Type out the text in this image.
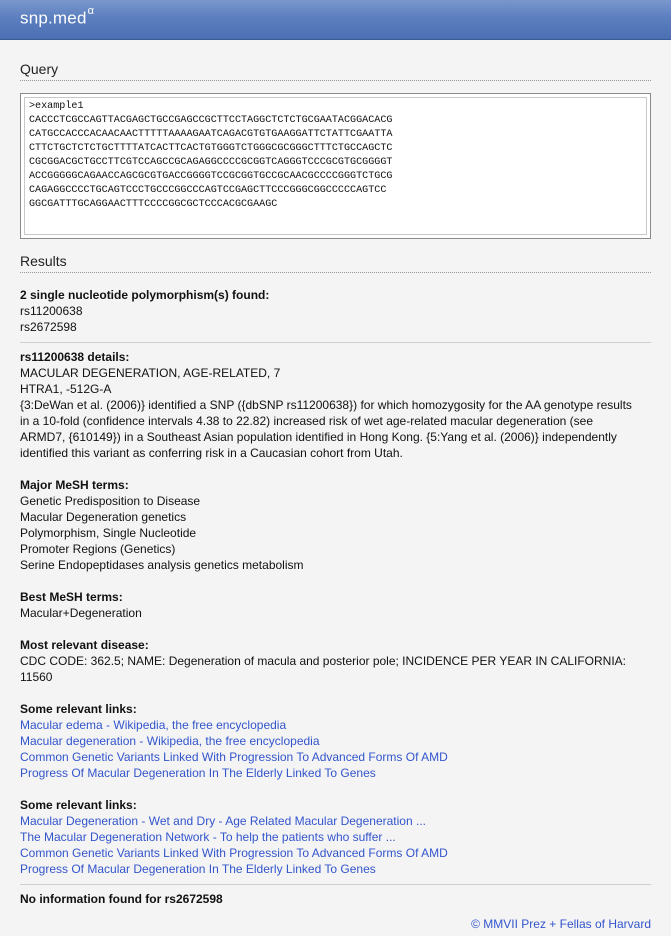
snp.med$^\alpha$
Query
>example1
CACCCTCGCCAGTTACGAGCTGCCGAGCCGCTTCCTAGGCTCTCTGCGAATACGGACACG
CATGCCACCCACAACAACTTTTTAAAAGAATCAGACGTGTGAAGGATTCTATTCGAATTA
CTTCTGCTCTCTGCTTTTATCACTTCACTGTGGGTCTGGGCGCGGGCTTTCTGCCAGCTC
CGCGGACGCTGCCTTCGTCCAGCCGCAGAGGCCCCGCGGTCAGGGTCCCGCGTGCGGGGT
ACCGGGGGCAGAACCAGCGCGTGACCGGGGTCCGCGGTGCCGCAACGCCCCGGGTCTGCG
CAGAGGCCCCTGCAGTCCCTGCCCGGCCCAGTCCGAGCTTCCCGGGCGGCCCCCAGTCC
GGCGATTTGCAGGAACTTTCCCCGGCGCTCCCACGCGAAGC
Results
2 single nucleotide polymorphism(s) found:
rs11200638
rs2672598
rs11200638 details:
MACULAR DEGENERATION, AGE-RELATED, 7
HTRA1, -512G-A
{3:DeWan et al. (2006)} identified a SNP ({dbSNP rs11200638}) for which homozygosity for the AA genotype results
in a 10-fold (confidence intervals 4.38 to 22.82) increased risk of wet age-related macular degeneration (see
ARMD7, {610149}) in a Southeast Asian population identified in Hong Kong. {5:Yang et al. (2006)} independently
identified this variant as conferring risk in a Caucasian cohort from Utah.
Major MeSH terms:
Genetic Predisposition to Disease
Macular Degeneration genetics
Polymorphism, Single Nucleotide
Promoter Regions (Genetics)
Serine Endopeptidases analysis genetics metabolism
Best MeSH terms:
Macular+Degeneration
Most relevant disease:
CDC CODE: 362.5; NAME: Degeneration of macula and posterior pole; INCIDENCE PER YEAR IN CALIFORNIA:
11560
Some relevant links:
Macular edema - Wikipedia, the free encyclopedia
Macular degeneration - Wikipedia, the free encyclopedia
Common Genetic Variants Linked With Progression To Advanced Forms Of AMD
Progress Of Macular Degeneration In The Elderly Linked To Genes
Some relevant links:
Macular Degeneration - Wet and Dry - Age Related Macular Degeneration ...
The Macular Degeneration Network - To help the patients who suffer ...
Common Genetic Variants Linked With Progression To Advanced Forms Of AMD
Progress Of Macular Degeneration In The Elderly Linked To Genes
No information found for rs2672598
© MMVII Prez + Fellas of Harvard
